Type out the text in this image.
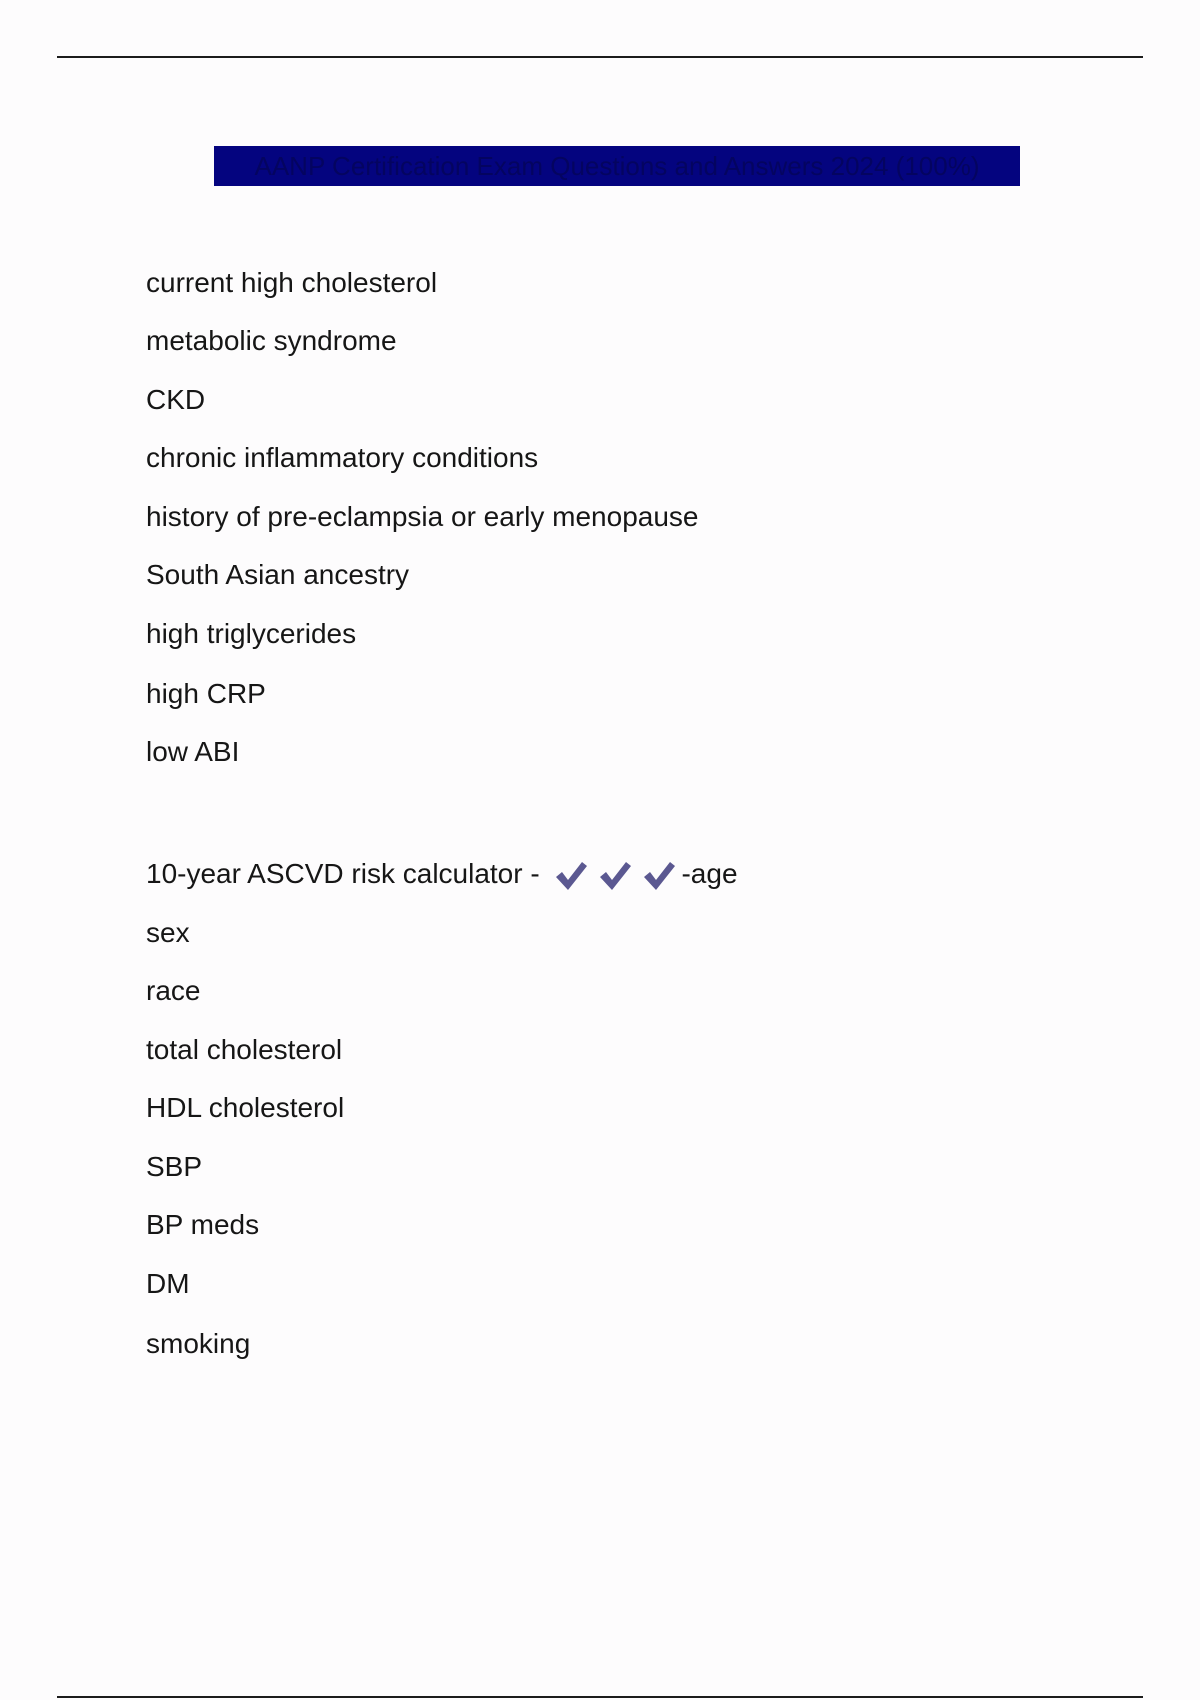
AANP Certification Exam Questions and Answers 2024 (100%)
current high cholesterol
metabolic syndrome
CKD
chronic inflammatory conditions
history of pre-eclampsia or early menopause
South Asian ancestry
high triglycerides
high CRP
low ABI
10-year ASCVD risk calculator -	-age
sex
race
total cholesterol
HDL cholesterol
SBP
BP meds
DM
smoking
